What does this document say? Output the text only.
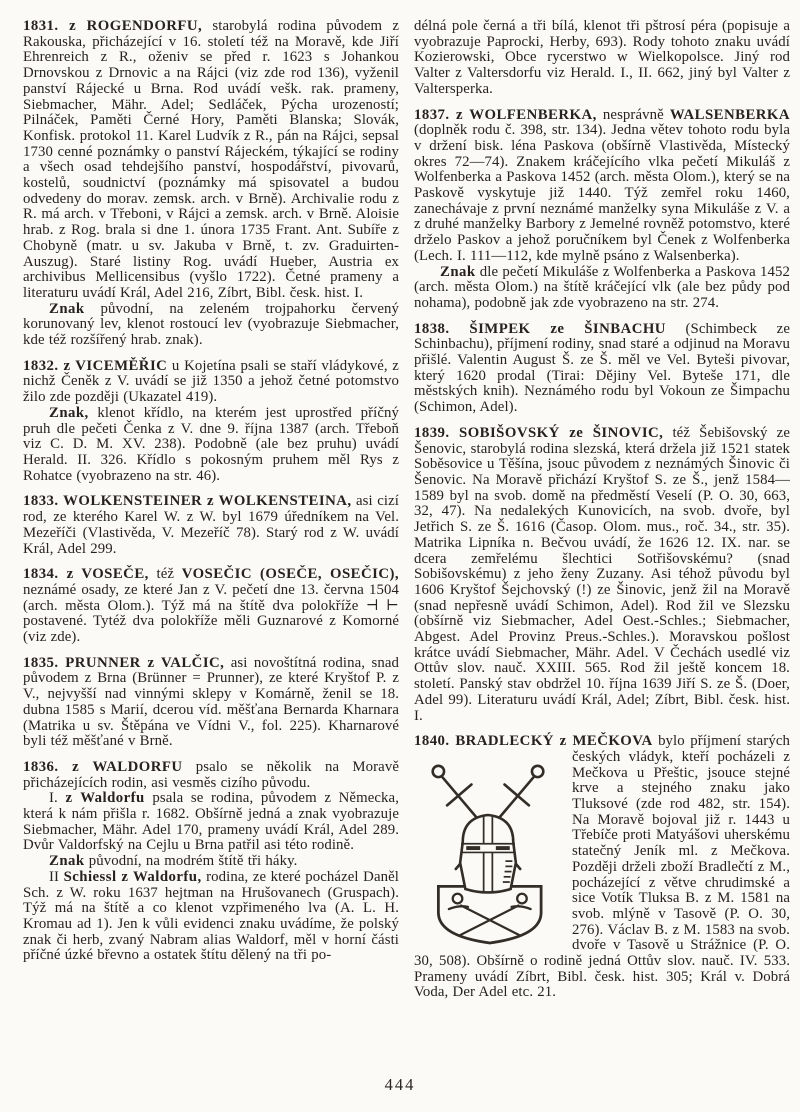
1831. z ROGENDORFU, starobylá rodina původem z Rakouska, přicházející v 16. století též na Moravě, kde Jiří Ehrenreich z R., oženiv se před r. 1623 s Johankou Drnovskou z Drnovic a na Rájci (viz zde rod 136), vyženil panství Rájecké u Brna. Rod uvádí vešk. rak. prameny, Siebmacher, Mähr. Adel; Sedláček, Pýcha urozeností; Pilnáček, Paměti Černé Hory, Paměti Blanska; Slovák, Konfisk. protokol 11. Karel Ludvík z R., pán na Rájci, sepsal 1730 cenné poznámky o panství Rájeckém, týkající se rodiny a všech osad tehdejšího panství, hospodářství, pivovarů, kostelů, soudnictví (poznámky má spisovatel a budou odvedeny do morav. zemsk. arch. v Brně). Archivalie rodu z R. má arch. v Třeboni, v Rájci a zemsk. arch. v Brně. Aloisie hrab. z Rog. brala si dne 1. února 1735 Frant. Ant. Subíře z Chobyně (matr. u sv. Jakuba v Brně, t. zv. Graduirten-Auszug). Staré listiny Rog. uvádí Hueber, Austria ex archivibus Mellicensibus (vyšlo 1722). Četné prameny a literaturu uvádí Král, Adel 216, Zíbrt, Bibl. česk. hist. I.

Znak původní, na zeleném trojpahorku červený korunovaný lev, klenot rostoucí lev (vyobrazuje Siebmacher, kde též rozšířený hrab. znak).

1832. z VICEMĚŘIC u Kojetína psali se staří vládykové, z nichž Čeněk z V. uvádí se již 1350 a jehož četné potomstvo žilo zde později (Ukazatel 419).

Znak, klenot křídlo, na kterém jest uprostřed příčný pruh dle pečeti Čenka z V. dne 9. října 1387 (arch. Třeboň viz C. D. M. XV. 238). Podobně (ale bez pruhu) uvádí Herald. II. 326. Křídlo s pokosným pruhem měl Rys z Rohatce (vyobrazeno na str. 46).

1833. WOLKENSTEINER z WOLKENSTEINA, asi cizí rod, ze kterého Karel W. z W. byl 1679 úředníkem na Vel. Mezeříči (Vlastivěda, V. Mezeříč 78). Starý rod z W. uvádí Král, Adel 299.

1834. z VOSEČE, též VOSEČIC (OSEČE, OSEČIC), neznámé osady, ze které Jan z V. pečetí dne 13. června 1504 (arch. města Olom.). Týž má na štítě dva polokříže ⊣ ⊢ postavené. Tytéž dva polokříže měli Guznarové z Komorné (viz zde).

1835. PRUNNER z VALČIC, asi novoštítná rodina, snad původem z Brna (Brünner = Prunner), ze které Kryštof P. z V., nejvyšší nad vinnými sklepy v Komárně, ženil se 18. dubna 1585 s Marií, dcerou víd. měšťana Bernarda Kharnara (Matrika u sv. Štěpána ve Vídni V., fol. 225). Kharnarové byli též měšťané v Brně.

1836. z WALDORFU psalo se několik na Moravě přicházejících rodin, asi vesměs cizího původu.

I. z Waldorfu psala se rodina, původem z Německa, která k nám přišla r. 1682. Obšírně jedná a znak vyobrazuje Siebmacher, Mähr. Adel 170, prameny uvádí Král, Adel 289. Dvůr Valdorfský na Cejlu u Brna patřil asi této rodině.

Znak původní, na modrém štítě tři háky.

II Schiessl z Waldorfu, rodina, ze které pocházel Daněl Sch. z W. roku 1637 hejtman na Hrušovanech (Gruspach). Týž má na štítě a co klenot vzpřimeného lva (A. L. H. Kromau ad 1). Jen k vůli evidenci znaku uvádíme, že polský znak či herb, zvaný Nabram alias Waldorf, měl v horní části příčné úzké břevno a ostatek štítu dělený na tři po-

délná pole černá a tři bílá, klenot tři pštrosí péra (popisuje a vyobrazuje Paprocki, Herby, 693). Rody tohoto znaku uvádí Kozierowski, Obce rycerstwo w Wielkopolsce. Jiný rod Valter z Valtersdorfu viz Herald. I., II. 662, jiný byl Valter z Valtersperka.

1837. z WOLFENBERKA, nesprávně WALSENBERKA (doplněk rodu č. 398, str. 134). Jedna větev tohoto rodu byla v držení bisk. léna Paskova (obšírně Vlastivěda, Místecký okres 72—74). Znakem kráčejícího vlka pečetí Mikuláš z Wolfenberka a Paskova 1452 (arch. města Olom.), který se na Paskově vyskytuje již 1440. Týž zemřel roku 1460, zanechávaje z první neznámé manželky syna Mikuláše z V. a z druhé manželky Barbory z Jemelné rovněž potomstvo, které drželo Paskov a jehož poručníkem byl Čenek z Wolfenberka (Lech. I. 111—112, kde mylně psáno z Walsenberka).

Znak dle pečetí Mikuláše z Wolfenberka a Paskova 1452 (arch. města Olom.) na štítě kráčející vlk (ale bez půdy pod nohama), podobně jak zde vyobrazeno na str. 274.

1838. ŠIMPEK ze ŠINBACHU (Schimbeck ze Schinbachu), příjmení rodiny, snad staré a odjinud na Moravu přišlé. Valentin August Š. ze Š. měl ve Vel. Byteši pivovar, který 1620 prodal (Tirai: Dějiny Vel. Byteše 171, dle městských knih). Neznámého rodu byl Vokoun ze Šimpachu (Schimon, Adel).

1839. SOBIŠOVSKÝ ze ŠINOVIC, též Šebišovský ze Šenovic, starobylá rodina slezská, která držela již 1521 statek Soběsovice u Těšína, jsouc původem z neznámých Šinovic či Šenovic. Na Moravě přichází Kryštof S. ze Š., jenž 1584—1589 byl na svob. domě na předměstí Veselí (P. O. 30, 663, 32, 47). Na nedalekých Kunovicích, na svob. dvoře, byl Jetřich S. ze Š. 1616 (Časop. Olom. mus., roč. 34., str. 35). Matrika Lipníka n. Bečvou uvádí, že 1626 12. IX. nar. se dcera zemřelému šlechtici Sotřišovskému? (snad Sobišovskému) z jeho ženy Zuzany. Asi téhož původu byl 1606 Kryštof Šejchovský (!) ze Šinovic, jenž žil na Moravě (snad nepřesně uvádí Schimon, Adel). Rod žil ve Slezsku (obšírně viz Siebmacher, Adel Oest.-Schles.; Siebmacher, Abgest. Adel Provinz Preus.-Schles.). Moravskou pošlost krátce uvádí Siebmacher, Mähr. Adel. V Čechách usedlé viz Ottův slov. nauč. XXIII. 565. Rod žil ještě koncem 18. století. Panský stav obdržel 10. října 1639 Jiří S. ze Š. (Doer, Adel 99). Literaturu uvádí Král, Adel; Zíbrt, Bibl. česk. hist. I.

1840. BRADLECKÝ z MEČKOVA bylo příjmení
starých českých vládyk, kteří pocházeli z Mečkova u Přeštic, jsouce stejné krve a stejného znaku jako Tluksové (zde rod 482, str. 154). Na Moravě bojoval již r. 1443 u Třebíče proti Matyášovi uherskému statečný Jeník ml. z Mečkova. Později drželi zboží Bradlečtí z M., pocházející z větve chrudimské a sice Votík Tluksa B. z M. 1581 na svob. mlýně v Tasově (P. O. 30, 276). Václav B. z M. 1583 na svob. dvoře v Tasově u Strážnice (P. O. 30, 508). Obšírně o rodině jedná Ottův slov. nauč. IV. 533. Prameny uvádí Zíbrt, Bibl. česk. hist. 305; Král v. Dobrá Voda, Der Adel etc. 21.

444
